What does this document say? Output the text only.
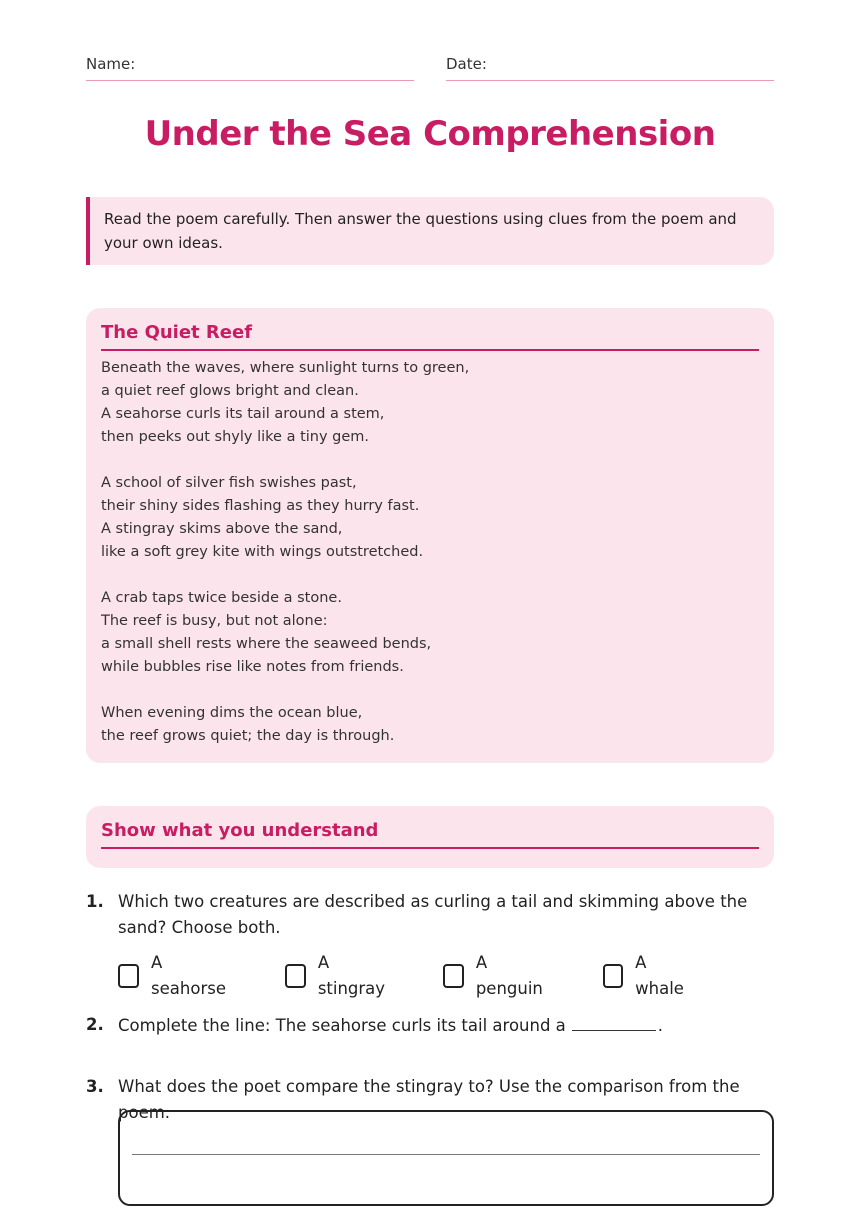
Name:	Date:
Under the Sea Comprehension
Read the poem carefully. Then answer the questions using clues from the poem and your own ideas.
The Quiet Reef
Beneath the waves, where sunlight turns to green,
a quiet reef glows bright and clean.
A seahorse curls its tail around a stem,
then peeks out shyly like a tiny gem.
A school of silver fish swishes past,
their shiny sides flashing as they hurry fast.
A stingray skims above the sand,
like a soft grey kite with wings outstretched.
A crab taps twice beside a stone.
The reef is busy, but not alone:
a small shell rests where the seaweed bends,
while bubbles rise like notes from friends.
When evening dims the ocean blue,
the reef grows quiet; the day is through.
Show what you understand
1. Which two creatures are described as curling a tail and skimming above the sand? Choose both.
A seahorse
A stingray
A penguin
A whale
2. Complete the line: The seahorse curls its tail around a	.
3. What does the poet compare the stingray to? Use the comparison from the poem.
